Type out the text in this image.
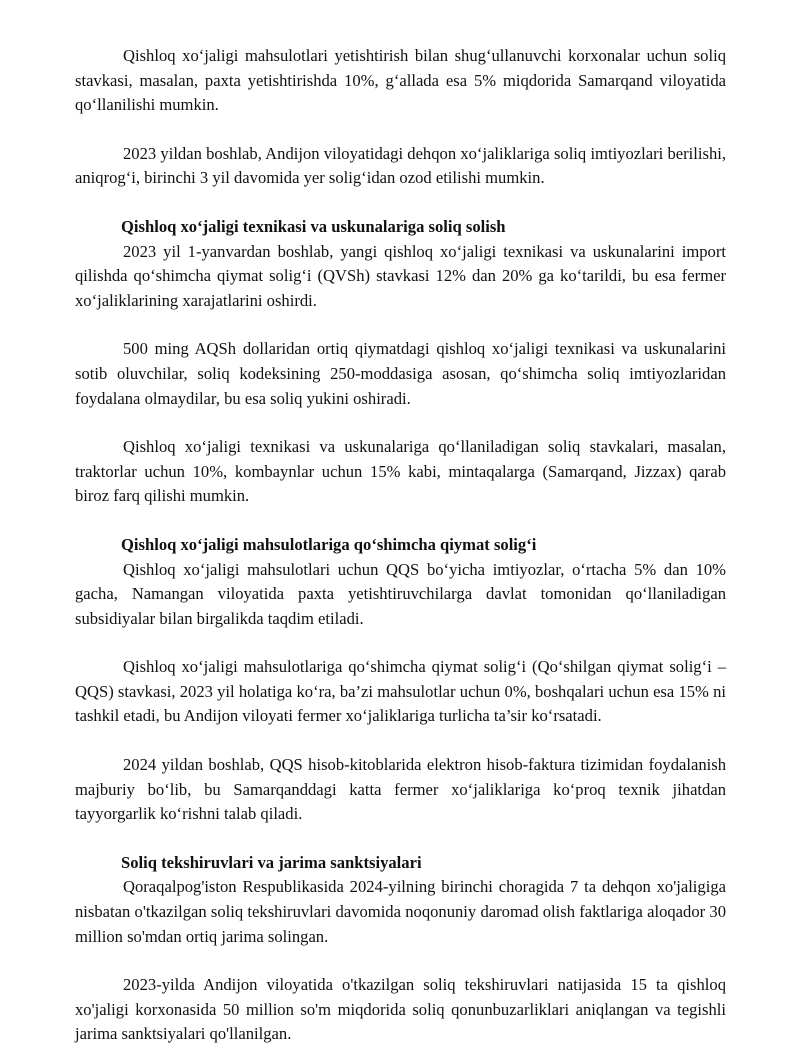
Qishloq xo‘jaligi mahsulotlari yetishtirish bilan shug‘ullanuvchi korxonalar uchun soliq stavkasi, masalan, paxta yetishtirishda 10%, g‘allada esa 5% miqdorida Samarqand viloyatida qo‘llanilishi mumkin.

2023 yildan boshlab, Andijon viloyatidagi dehqon xo‘jaliklariga soliq imtiyozlari berilishi, aniqrog‘i, birinchi 3 yil davomida yer solig‘idan ozod etilishi mumkin.

Qishloq xo‘jaligi texnikasi va uskunalariga soliq solish

2023 yil 1-yanvardan boshlab, yangi qishloq xo‘jaligi texnikasi va uskunalarini import qilishda qo‘shimcha qiymat solig‘i (QVSh) stavkasi 12% dan 20% ga ko‘tarildi, bu esa fermer xo‘jaliklarining xarajatlarini oshirdi.

500 ming AQSh dollaridan ortiq qiymatdagi qishloq xo‘jaligi texnikasi va uskunalarini sotib oluvchilar, soliq kodeksining 250-moddasiga asosan, qo‘shimcha soliq imtiyozlaridan foydalana olmaydilar, bu esa soliq yukini oshiradi.

Qishloq xo‘jaligi texnikasi va uskunalariga qo‘llaniladigan soliq stavkalari, masalan, traktorlar uchun 10%, kombaynlar uchun 15% kabi, mintaqalarga (Samarqand, Jizzax) qarab biroz farq qilishi mumkin.

Qishloq xo‘jaligi mahsulotlariga qo‘shimcha qiymat solig‘i

Qishloq xo‘jaligi mahsulotlari uchun QQS bo‘yicha imtiyozlar, o‘rtacha 5% dan 10% gacha, Namangan viloyatida paxta yetishtiruvchilarga davlat tomonidan qo‘llaniladigan subsidiyalar bilan birgalikda taqdim etiladi.

Qishloq xo‘jaligi mahsulotlariga qo‘shimcha qiymat solig‘i (Qo‘shilgan qiymat solig‘i – QQS) stavkasi, 2023 yil holatiga ko‘ra, ba’zi mahsulotlar uchun 0%, boshqalari uchun esa 15% ni tashkil etadi, bu Andijon viloyati fermer xo‘jaliklariga turlicha ta’sir ko‘rsatadi.

2024 yildan boshlab, QQS hisob-kitoblarida elektron hisob-faktura tizimidan foydalanish majburiy bo‘lib, bu Samarqanddagi katta fermer xo‘jaliklariga ko‘proq texnik jihatdan tayyorgarlik ko‘rishni talab qiladi.

Soliq tekshiruvlari va jarima sanktsiyalari

Qoraqalpog'iston Respublikasida 2024-yilning birinchi choragida 7 ta dehqon xo'jaligiga nisbatan o'tkazilgan soliq tekshiruvlari davomida noqonuniy daromad olish faktlariga aloqador 30 million so'mdan ortiq jarima solingan.

2023-yilda Andijon viloyatida o'tkazilgan soliq tekshiruvlari natijasida 15 ta qishloq xo'jaligi korxonasida 50 million so'm miqdorida soliq qonunbuzarliklari aniqlangan va tegishli jarima sanktsiyalari qo'llanilgan.
